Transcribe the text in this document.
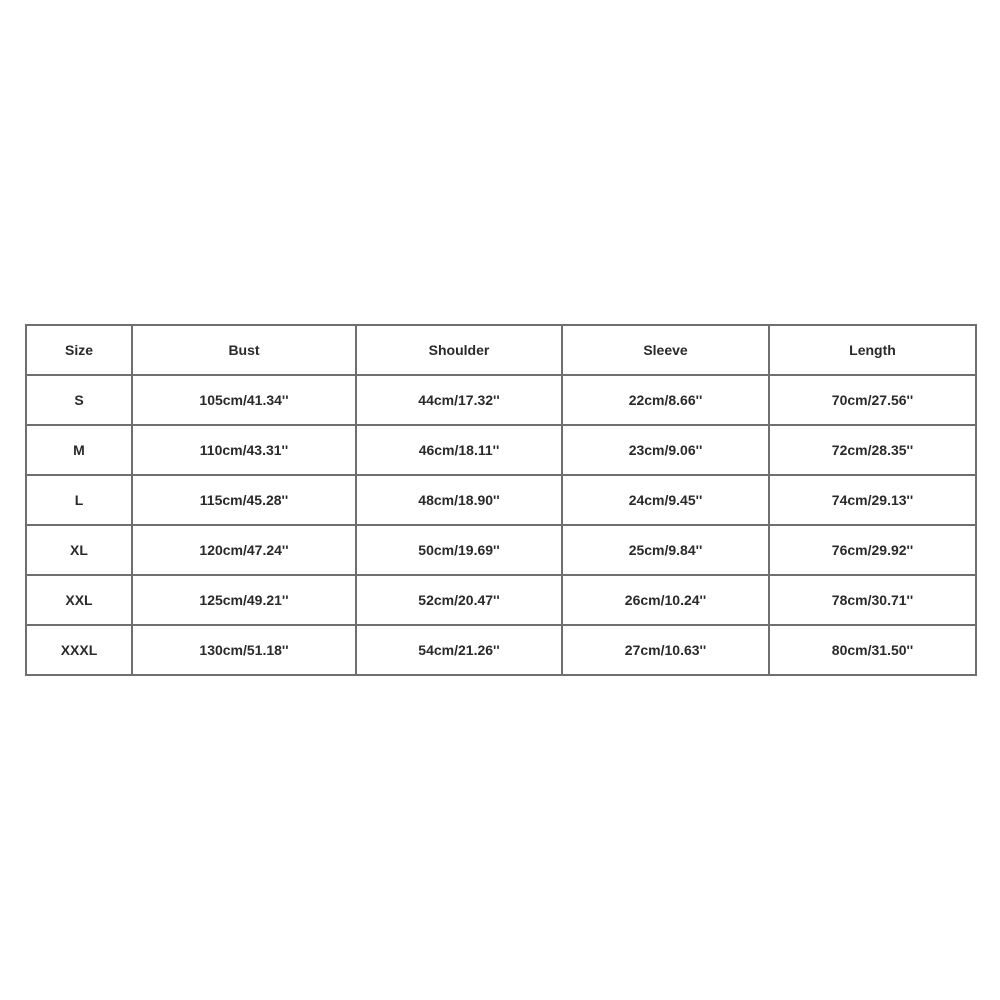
Size	Bust	Shoulder	Sleeve	Length
S	105cm/41.34''	44cm/17.32''	22cm/8.66''	70cm/27.56''
M	110cm/43.31''	46cm/18.11''	23cm/9.06''	72cm/28.35''
L	115cm/45.28''	48cm/18.90''	24cm/9.45''	74cm/29.13''
XL	120cm/47.24''	50cm/19.69''	25cm/9.84''	76cm/29.92''
XXL	125cm/49.21''	52cm/20.47''	26cm/10.24''	78cm/30.71''
XXXL	130cm/51.18''	54cm/21.26''	27cm/10.63''	80cm/31.50''
